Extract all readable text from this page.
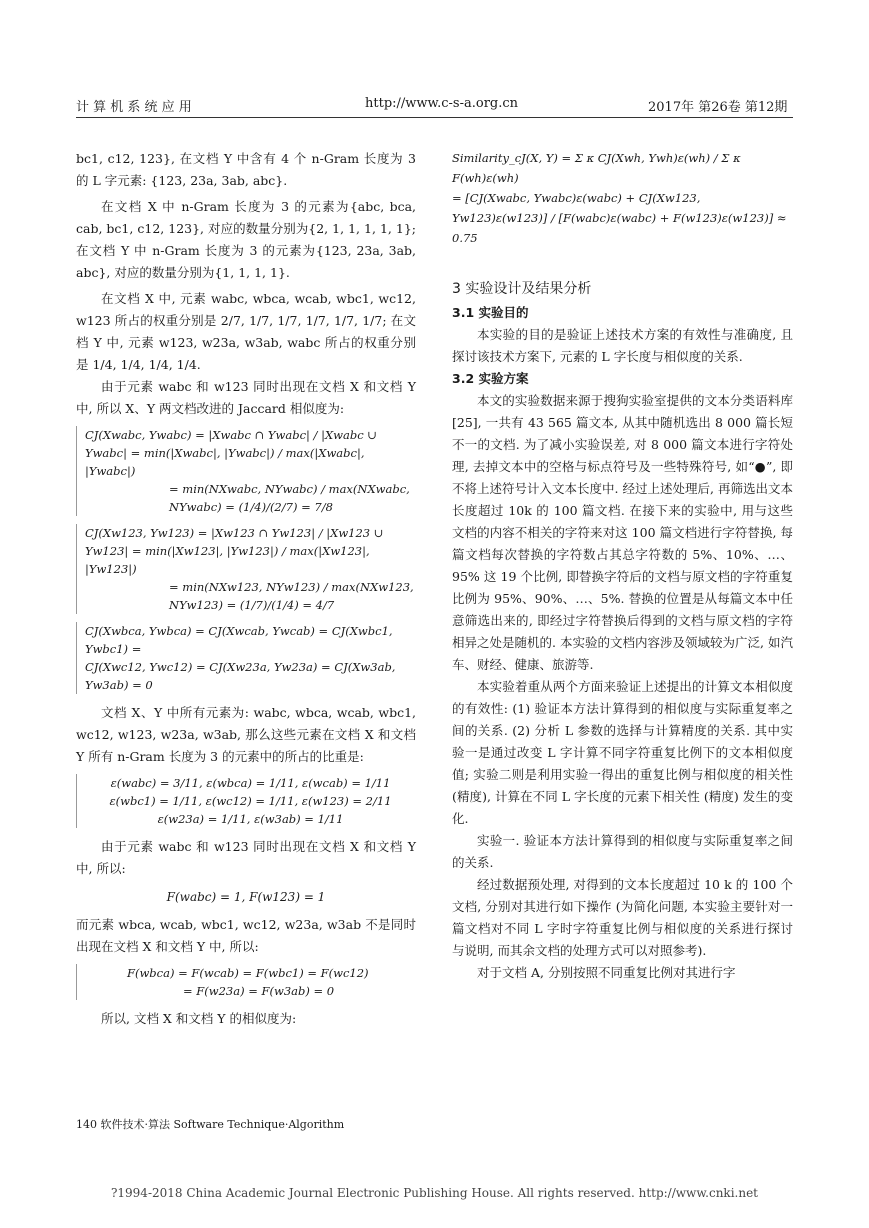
计 算 机 系 统 应 用	http://www.c-s-a.org.cn	2017年 第26卷 第12期

bc1, c12, 123}, 在文档 Y 中含有 4 个 n-Gram 长度为 3 的 L 字元素: {123, 23a, 3ab, abc}.

在文档 X 中 n-Gram 长度为 3 的元素为{abc, bca, cab, bc1, c12, 123}, 对应的数量分别为{2, 1, 1, 1, 1, 1}; 在文档 Y 中 n-Gram 长度为 3 的元素为{123, 23a, 3ab, abc}, 对应的数量分别为{1, 1, 1, 1}.

在文档 X 中, 元素 wabc, wbca, wcab, wbc1, wc12, w123 所占的权重分别是 2/7, 1/7, 1/7, 1/7, 1/7, 1/7; 在文档 Y 中, 元素 w123, w23a, w3ab, wabc 所占的权重分别是 1/4, 1/4, 1/4, 1/4.

由于元素 wabc 和 w123 同时出现在文档 X 和文档 Y 中, 所以 X、Y 两文档改进的 Jaccard 相似度为:

CJ(Xwabc, Ywabc) = |Xwabc ∩ Ywabc| / |Xwabc ∪ Ywabc| = min(|Xwabc|, |Ywabc|) / max(|Xwabc|, |Ywabc|)
= min(NXwabc, NYwabc) / max(NXwabc, NYwabc) = (1/4)/(2/7) = 7/8
CJ(Xw123, Yw123) = |Xw123 ∩ Yw123| / |Xw123 ∪ Yw123| = min(|Xw123|, |Yw123|) / max(|Xw123|, |Yw123|)
= min(NXw123, NYw123) / max(NXw123, NYw123) = (1/7)/(1/4) = 4/7
CJ(Xwbca, Ywbca) = CJ(Xwcab, Ywcab) = CJ(Xwbc1, Ywbc1) =
CJ(Xwc12, Ywc12) = CJ(Xw23a, Yw23a) = CJ(Xw3ab, Yw3ab) = 0

文档 X、Y 中所有元素为: wabc, wbca, wcab, wbc1, wc12, w123, w23a, w3ab, 那么这些元素在文档 X 和文档 Y 所有 n-Gram 长度为 3 的元素中的所占的比重是:

ε(wabc) = 3/11, ε(wbca) = 1/11, ε(wcab) = 1/11
ε(wbc1) = 1/11, ε(wc12) = 1/11, ε(w123) = 2/11
ε(w23a) = 1/11, ε(w3ab) = 1/11

由于元素 wabc 和 w123 同时出现在文档 X 和文档 Y 中, 所以:

F(wabc) = 1, F(w123) = 1

而元素 wbca, wcab, wbc1, wc12, w23a, w3ab 不是同时出现在文档 X 和文档 Y 中, 所以:

F(wbca) = F(wcab) = F(wbc1) = F(wc12)
= F(w23a) = F(w3ab) = 0

所以, 文档 X 和文档 Y 的相似度为:

Similarity_cJ(X, Y) = Σ κ CJ(Xwh, Ywh)ε(wh) / Σ κ F(wh)ε(wh)
= [CJ(Xwabc, Ywabc)ε(wabc) + CJ(Xw123, Yw123)ε(w123)] / [F(wabc)ε(wabc) + F(w123)ε(w123)] ≈ 0.75
3 实验设计及结果分析
3.1 实验目的

本实验的目的是验证上述技术方案的有效性与准确度, 且探讨该技术方案下, 元素的 L 字长度与相似度的关系.

3.2 实验方案

本文的实验数据来源于搜狗实验室提供的文本分类语料库[25], 一共有 43 565 篇文本, 从其中随机选出 8 000 篇长短不一的文档. 为了减小实验误差, 对 8 000 篇文本进行字符处理, 去掉文本中的空格与标点符号及一些特殊符号, 如“●”, 即不将上述符号计入文本长度中. 经过上述处理后, 再筛选出文本长度超过 10k 的 100 篇文档. 在接下来的实验中, 用与这些文档的内容不相关的字符来对这 100 篇文档进行字符替换, 每篇文档每次替换的字符数占其总字符数的 5%、10%、…、95% 这 19 个比例, 即替换字符后的文档与原文档的字符重复比例为 95%、90%、…、5%. 替换的位置是从每篇文本中任意筛选出来的, 即经过字符替换后得到的文档与原文档的字符相异之处是随机的. 本实验的文档内容涉及领域较为广泛, 如汽车、财经、健康、旅游等.

本实验着重从两个方面来验证上述提出的计算文本相似度的有效性: (1) 验证本方法计算得到的相似度与实际重复率之间的关系. (2) 分析 L 参数的选择与计算精度的关系. 其中实验一是通过改变 L 字计算不同字符重复比例下的文本相似度值; 实验二则是利用实验一得出的重复比例与相似度的相关性 (精度), 计算在不同 L 字长度的元素下相关性 (精度) 发生的变化.

实验一. 验证本方法计算得到的相似度与实际重复率之间的关系.

经过数据预处理, 对得到的文本长度超过 10 k 的 100 个文档, 分别对其进行如下操作 (为简化问题, 本实验主要针对一篇文档对不同 L 字时字符重复比例与相似度的关系进行探讨与说明, 而其余文档的处理方式可以对照参考).

对于文档 A, 分别按照不同重复比例对其进行字

140 软件技术·算法 Software Technique·Algorithm
?1994-2018 China Academic Journal Electronic Publishing House. All rights reserved. http://www.cnki.net
